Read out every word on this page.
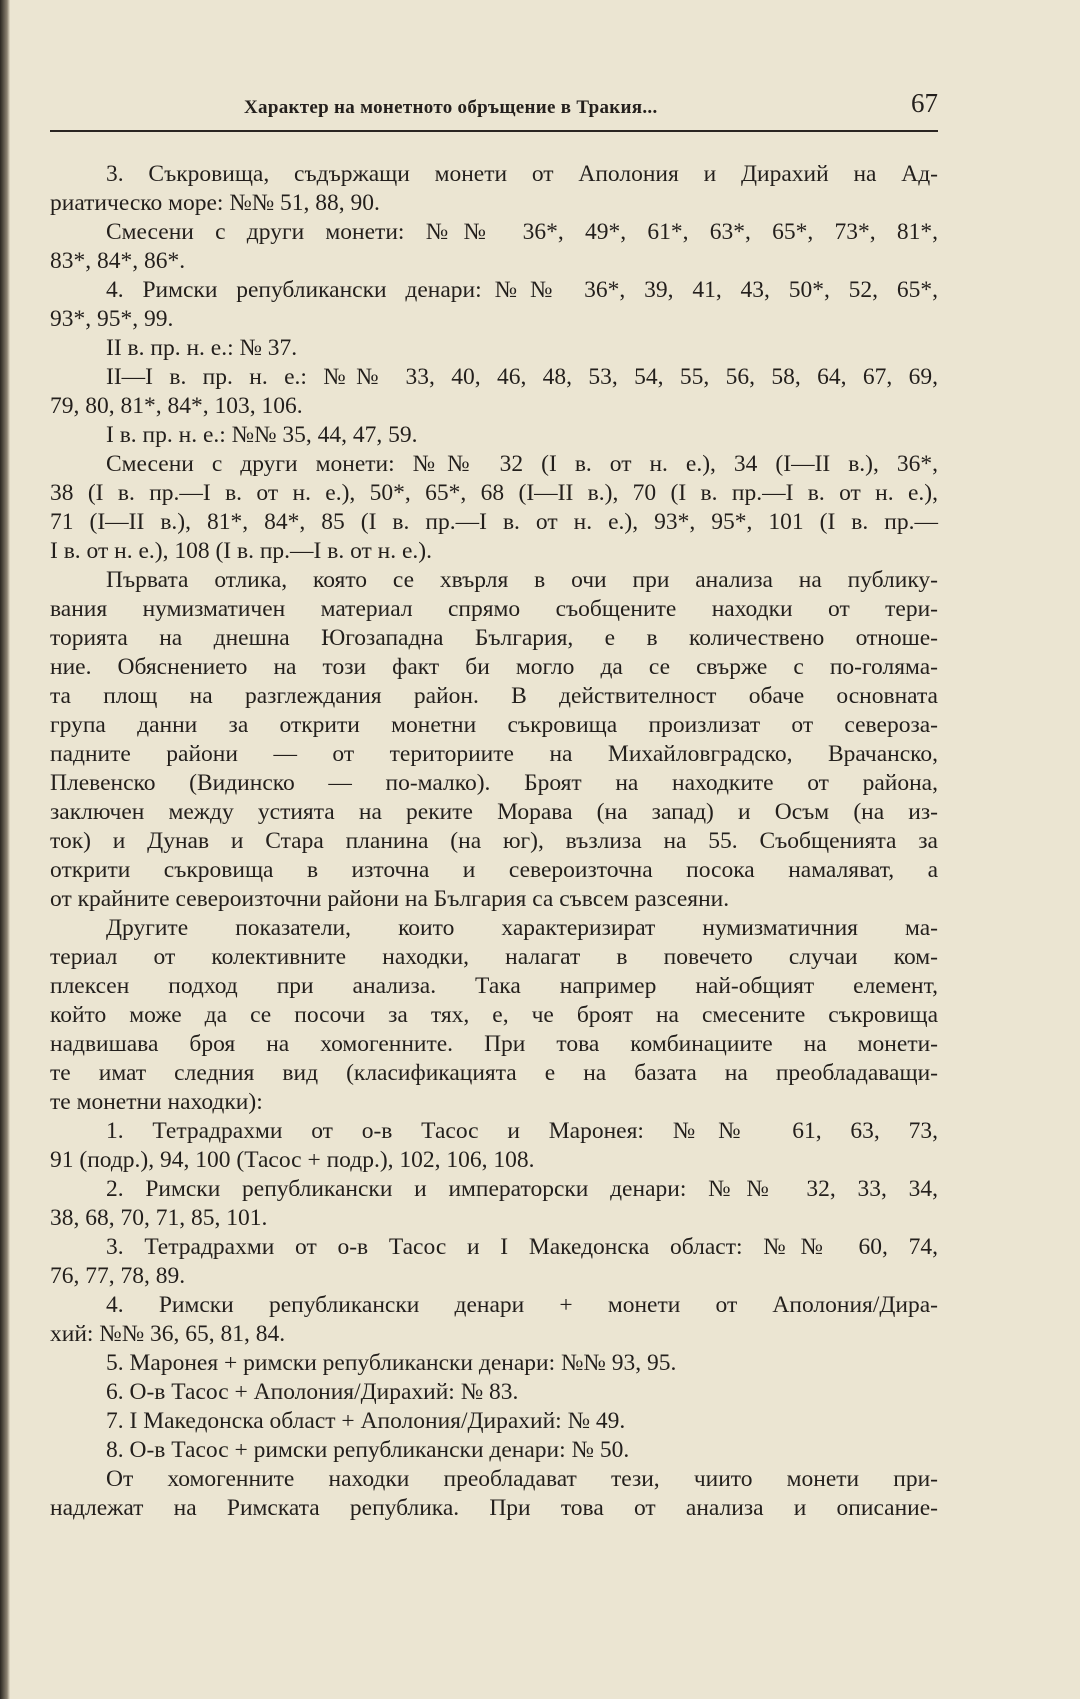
Характер на монетното обръщение в Тракия...	67
3. Съкровища, съдържащи монети от Аполония и Дирахий на Ад-
риатическо море: №№ 51, 88, 90.
Смесени с други монети: №№ 36*, 49*, 61*, 63*, 65*, 73*, 81*,
83*, 84*, 86*.
4. Римски републикански денари:№№ 36*, 39, 41, 43, 50*, 52, 65*,
93*, 95*, 99.
II в. пр. н. е.: № 37.
II—I в. пр. н. е.: №№ 33, 40, 46, 48, 53, 54, 55, 56, 58, 64, 67, 69,
79, 80, 81*, 84*, 103, 106.
I в. пр. н. е.: №№ 35, 44, 47, 59.
Смесени с други монети: №№ 32 (I в. от н. е.), 34 (I—II в.), 36*,
38 (I в. пр.—I в. от н. е.), 50*, 65*, 68 (I—II в.), 70 (I в. пр.—I в. от н. е.),
71 (I—II в.), 81*, 84*, 85 (I в. пр.—I в. от н. е.), 93*, 95*, 101 (I в. пр.—
I в. от н. е.), 108 (I в. пр.—I в. от н. е.).
Първата отлика, която се хвърля в очи при анализа на публику-
вания нумизматичен материал спрямо съобщените находки от тери-
торията на днешна Югозападна България, е в количествено отноше-
ние. Обяснението на този факт би могло да се свърже с по-голяма-
та площ на разглеждания район. В действителност обаче основната
група данни за открити монетни съкровища произлизат от североза-
падните райони — от териториите на Михайловградско, Врачанско,
Плевенско (Видинско — по-малко). Броят на находките от района,
заключен между устията на реките Морава (на запад) и Осъм (на из-
ток) и Дунав и Стара планина (на юг), възлиза на 55. Съобщенията за
открити съкровища в източна и североизточна посока намаляват, а
от крайните североизточни райони на България са съвсем разсеяни.
Другите показатели, които характеризират нумизматичния ма-
териал от колективните находки, налагат в повечето случаи ком-
плексен подход при анализа. Така например най-общият елемент,
който може да се посочи за тях, е, че броят на смесените съкровища
надвишава броя на хомогенните. При това комбинациите на монети-
те имат следния вид (класификацията е на базата на преобладаващи-
те монетни находки):
1. Тетрадрахми от о-в Тасос и Маронея: №№ 61, 63, 73,
91 (подр.), 94, 100 (Тасос + подр.), 102, 106, 108.
2. Римски републикански и императорски денари: №№ 32, 33, 34,
38, 68, 70, 71, 85, 101.
3. Тетрадрахми от о-в Тасос и I Македонска област: №№ 60, 74,
76, 77, 78, 89.
4. Римски републикански денари + монети от Аполония/Дира-
хий: №№ 36, 65, 81, 84.
5. Маронея + римски републикански денари: №№ 93, 95.
6. О-в Тасос + Аполония/Дирахий: № 83.
7. I Македонска област + Аполония/Дирахий: № 49.
8. О-в Тасос + римски републикански денари: № 50.
От хомогенните находки преобладават тези, чиито монети при-
надлежат на Римската република. При това от анализа и описание-
